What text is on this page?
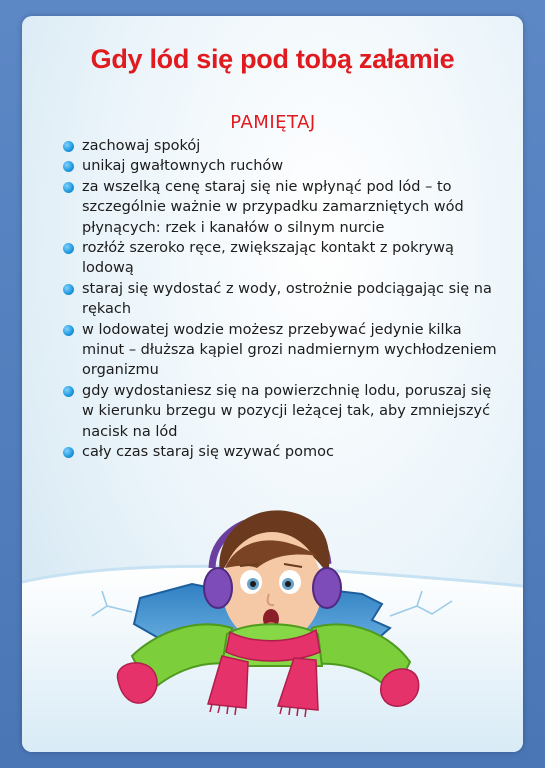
Gdy lód się pod tobą załamie
PAMIĘTAJ
zachowaj spokój
unikaj gwałtownych ruchów
za wszelką cenę staraj się nie wpłynąć pod lód – to szczególnie ważnie w przypadku zamarzniętych wód płynących: rzek i kanałów o silnym nurcie
rozłóż szeroko ręce, zwiększając kontakt z pokrywą lodową
staraj się wydostać z wody, ostrożnie podciągając się na rękach
w lodowatej wodzie możesz przebywać jedynie kilka minut – dłuższa kąpiel grozi nadmiernym wychłodzeniem organizmu
gdy wydostaniesz się na powierzchnię lodu, poruszaj się w kierunku brzegu w pozycji leżącej tak, aby zmniejszyć nacisk na lód
cały czas staraj się wzywać pomoc
